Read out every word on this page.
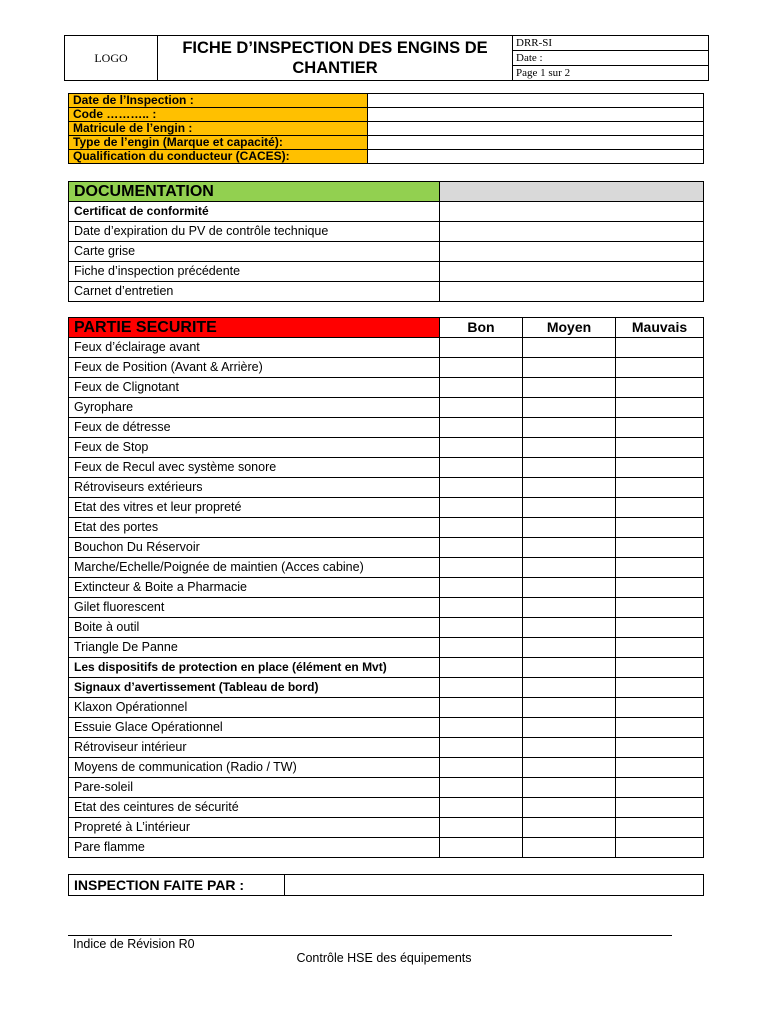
LOGO	FICHE D’INSPECTION DES ENGINS DE CHANTIER	DRR-SI
Date :
Page 1 sur 2
Date de l’Inspection :	
Code ……….. :	
Matricule de l’engin :	
Type de l’engin (Marque et capacité):	
Qualification du conducteur (CACES):	
DOCUMENTATION	
Certificat de conformité	
Date d’expiration du PV de contrôle technique	
Carte grise	
Fiche d’inspection précédente	
Carnet d’entretien	
PARTIE SECURITE	Bon	Moyen	Mauvais
Feux d’éclairage avant			
Feux de Position (Avant & Arrière)			
Feux de Clignotant			
Gyrophare			
Feux de détresse			
Feux de Stop			
Feux de Recul avec système sonore			
Rétroviseurs extérieurs			
Etat des vitres et leur propreté			
Etat des portes			
Bouchon Du Réservoir			
Marche/Echelle/Poignée de maintien (Acces cabine)			
Extincteur & Boite a Pharmacie			
Gilet fluorescent			
Boite à outil			
Triangle De Panne			
Les dispositifs de protection en place (élément en Mvt)			
Signaux d’avertissement (Tableau de bord)			
Klaxon Opérationnel			
Essuie Glace Opérationnel			
Rétroviseur intérieur			
Moyens de communication (Radio / TW)			
Pare-soleil			
Etat des ceintures de sécurité			
Propreté à L’intérieur			
Pare flamme			
INSPECTION FAITE PAR :	
Indice de Révision R0
Contrôle HSE des équipements
